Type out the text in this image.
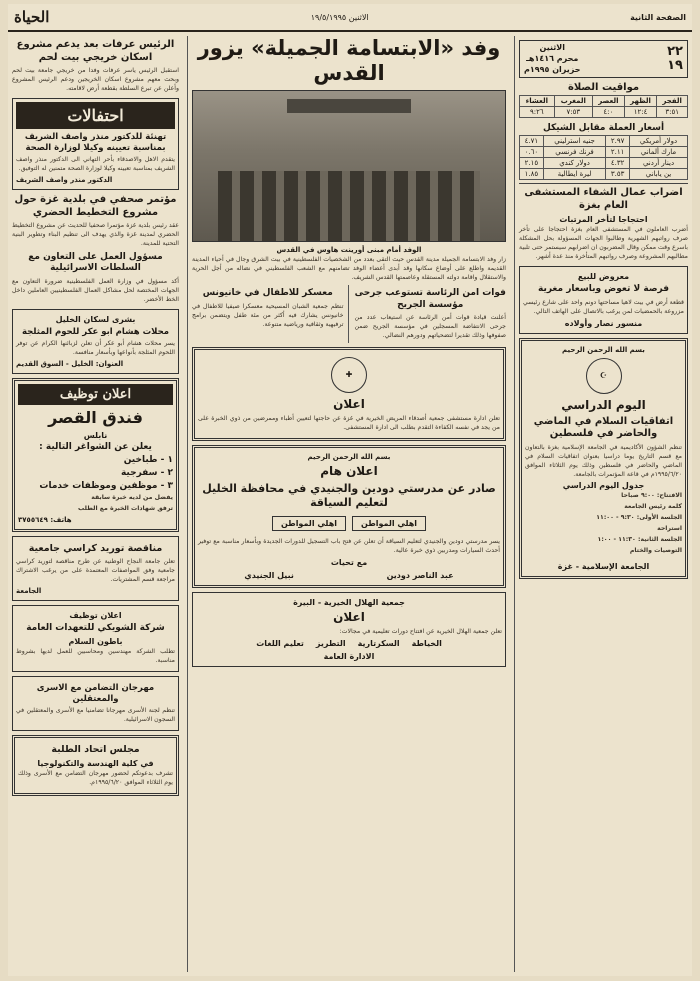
الصفحة الثانية
الاثنين ١٩/٥/١٩٩٥
الحياة
٢٢
١٩
الاثنين
محرم ١٤١٦هـ
حزيران ١٩٩٥م
مواقيت الصلاة
الفجر	الظهر	العصر	المغرب	العشاء
٣:٥١	١٢:٤	٤:٠	٧:٥٣	٩:٢٦
أسعار العملة مقابل الشيكل
دولار أمريكي	٢.٩٧	جنيه استرليني	٤.٧١
مارك ألماني	٢.١١	فرنك فرنسي	٠.٦٠
دينار أردني	٤.٣٢	دولار كندي	٢.١٥
ين ياباني	٣.٥٣	ليرة ايطالية	١.٨٥
اضراب عمال الشفاء المستشفى العام بغزة
احتجاجا لتأخر المرتبات

أضرب العاملون في المستشفى العام بغزة احتجاجا على تأخر صرف رواتبهم الشهرية وطالبوا الجهات المسؤولة بحل المشكلة باسرع وقت ممكن وقال المضربون ان اضرابهم سيستمر حتى تلبية مطالبهم المشروعة وصرف رواتبهم المتأخرة منذ عدة أشهر.

معروض للبيع
فرصة لا تعوض وباسعار مغرية

قطعة أرض في بيت لاهيا مساحتها دونم واحد على شارع رئيسي مزروعة بالحمضيات لمن يرغب بالاتصال على الهاتف التالي.

منسور نصار وأولاده
بسم الله الرحمن الرحيم
☪
اليوم الدراسي
اتفاقيات السلام في الماضي والحاضر في فلسطين

تنظم الشؤون الأكاديمية في الجامعة الإسلامية بغزة بالتعاون مع قسم التاريخ يوما دراسيا بعنوان اتفاقيات السلام في الماضي والحاضر في فلسطين وذلك يوم الثلاثاء الموافق ١٩٩٥/٦/٢٠م في قاعة المؤتمرات بالجامعة.

جدول اليوم الدراسي
الافتتاح: ٩:٠٠ صباحا
كلمة رئيس الجامعة
الجلسة الأولى: ٩:٣٠ - ١١:٠٠
استراحة
الجلسة الثانية: ١١:٣٠ - ١:٠٠
التوصيات والختام
الجامعة الإسلامية - غزة
وفد «الابتسامة الجميلة» يزور القدس
الوفد أمام مبنى أورينت هاوس في القدس

زار وفد الابتسامة الجميلة مدينة القدس حيث التقى بعدد من الشخصيات الفلسطينية في بيت الشرق وجال في أحياء المدينة القديمة واطلع على أوضاع سكانها وقد أبدى أعضاء الوفد تضامنهم مع الشعب الفلسطيني في نضاله من أجل الحرية والاستقلال واقامة دولته المستقلة وعاصمتها القدس الشريف.

فوات امن الرئاسة تستوعب جرحى مؤسسة الجريح

أعلنت قيادة قوات أمن الرئاسة عن استيعاب عدد من جرحى الانتفاضة المسجلين في مؤسسة الجريح ضمن صفوفها وذلك تقديرا لتضحياتهم ودورهم النضالي.

معسكر للاطفال في خانيونس

تنظم جمعية الشبان المسيحية معسكرا صيفيا للاطفال في خانيونس يشارك فيه أكثر من مئة طفل ويتضمن برامج ترفيهية وثقافية ورياضية متنوعة.

✚
اعلان

تعلن ادارة مستشفى جمعية أصدقاء المريض الخيرية في غزة عن حاجتها لتعيين أطباء وممرضين من ذوي الخبرة على من يجد في نفسه الكفاءة التقدم بطلب الى ادارة المستشفى.

بسم الله الرحمن الرحيم
اعلان هام
صادر عن مدرستي دودين والجنيدي في محافظة الخليل لتعليم السياقة
اهلي المواطن
اهلي المواطن

يسر مدرستي دودين والجنيدي لتعليم السياقة أن تعلن عن فتح باب التسجيل للدورات الجديدة وبأسعار مناسبة مع توفير أحدث السيارات ومدربين ذوي خبرة عالية.

مع تحيات
عبد الناصر دودين
نبيل الجنيدي
جمعية الهلال الخيرية - البيرة
اعلان

تعلن جمعية الهلال الخيرية عن افتتاح دورات تعليمية في مجالات:

الخياطة
السكرتارية
التطريز
تعليم اللغات
الادارة العامة
الرئيس عرفات بعد يدعم مشروع اسكان خريجي بيت لحم

استقبل الرئيس ياسر عرفات وفدا من خريجي جامعة بيت لحم وبحث معهم مشروع اسكان الخريجين ودعم الرئيس المشروع وأعلن عن تبرع السلطة بقطعة أرض لاقامته.

احتفالات
تهنئة للدكتور منذر واصف الشريف بمناسبة تعيينه وكيلا لوزارة الصحة

يتقدم الاهل والاصدقاء بأحر التهاني الى الدكتور منذر واصف الشريف بمناسبة تعيينه وكيلا لوزارة الصحة متمنين له التوفيق.

الدكتور منذر واصف الشريف
مؤتمر صحفي في بلدية غزة حول مشروع التخطيط الحضري

عقد رئيس بلدية غزة مؤتمرا صحفيا للحديث عن مشروع التخطيط الحضري لمدينة غزة والذي يهدف الى تنظيم البناء وتطوير البنية التحتية للمدينة.

مسؤول العمل على التعاون مع السلطات الاسرائيلية

أكد مسؤول في وزارة العمل الفلسطينية ضرورة التعاون مع الجهات المختصة لحل مشاكل العمال الفلسطينيين العاملين داخل الخط الأخضر.

بشرى لسكان الخليل
محلات هشام ابو عكر للحوم المثلجة

يسر محلات هشام أبو عكر أن تعلن لزبائنها الكرام عن توفر اللحوم المثلجة بأنواعها وبأسعار منافسة.

العنوان: الخليل - السوق القديم
اعلان توظيف
فندق القصر
نابلس
يعلن عن الشواغر التالية :
١ - طباخين
٢ - سفرجية
٣ - موظفين وموظفات خدمات
يفضل من لديه خبرة سابقة
ترفق شهادات الخبرة مع الطلب
هاتف: ٣٧٥٥٦٤٩
مناقصة توريد كراسي جامعية

تعلن جامعة النجاح الوطنية عن طرح مناقصة لتوريد كراسي جامعية وفق المواصفات المعتمدة على من يرغب الاشتراك مراجعة قسم المشتريات.

الجامعة
اعلان توظيف
شركة الشويكي للتعهدات العامة
باطون السلام

تطلب الشركة مهندسين ومحاسبين للعمل لديها بشروط مناسبة.

مهرجان التضامن مع الاسرى والمعتقلين

تنظم لجنة الأسرى مهرجانا تضامنيا مع الأسرى والمعتقلين في السجون الاسرائيلية.

مجلس اتحاد الطلبة
في كلية الهندسة والتكنولوجيا

تشرف بدعوتكم لحضور مهرجان التضامن مع الأسرى وذلك يوم الثلاثاء الموافق ١٩٩٥/٦/٢٠م.
